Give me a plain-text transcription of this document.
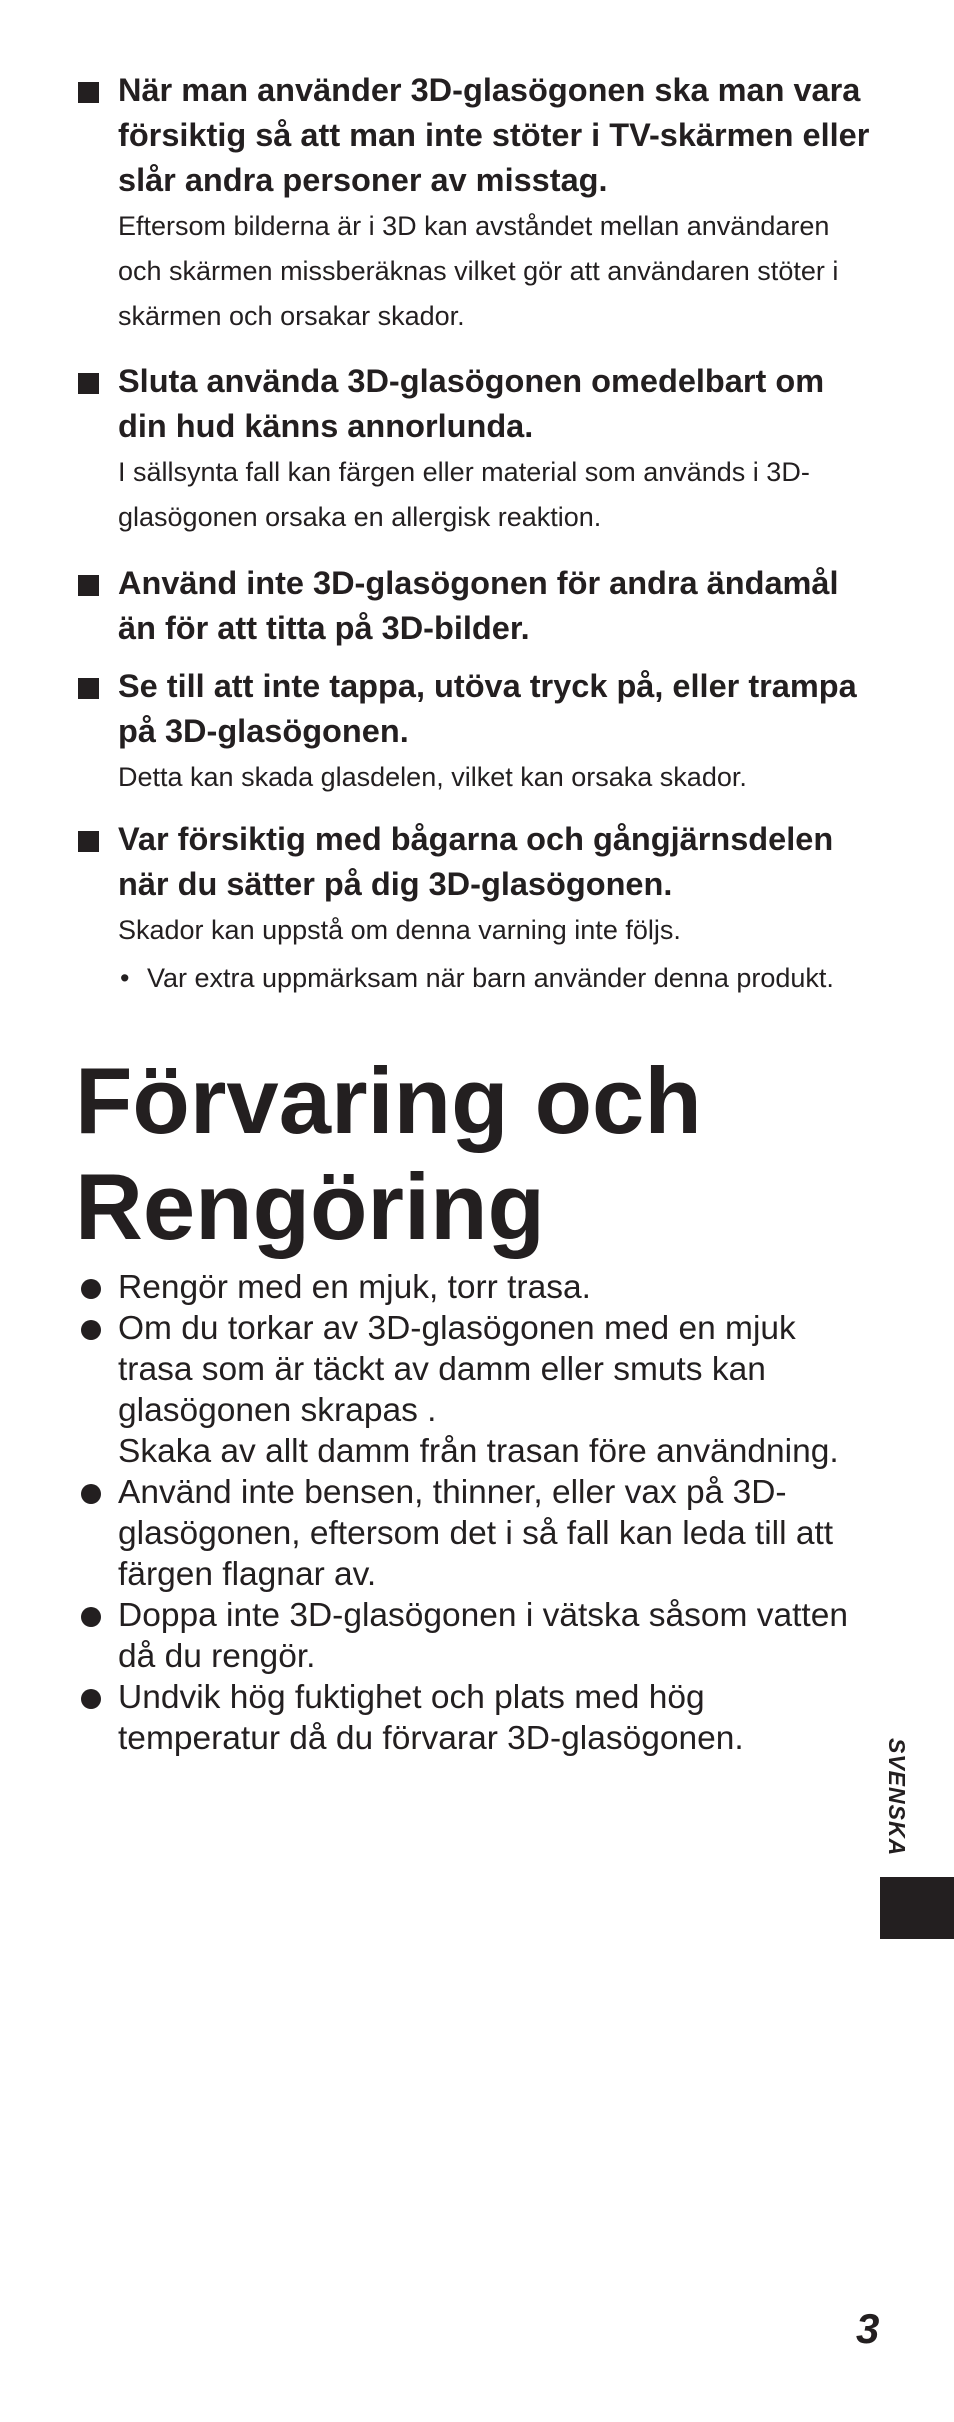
När man använder 3D-glasögonen ska man vara försiktig så att man inte stöter i TV-skärmen eller slår andra personer av misstag.
Eftersom bilderna är i 3D kan avståndet mellan användaren och skärmen missberäknas vilket gör att användaren stöter i skärmen och orsakar skador.
Sluta använda 3D-glasögonen omedelbart om din hud känns annorlunda.
I sällsynta fall kan färgen eller material som används i 3D-glasögonen orsaka en allergisk reaktion.
Använd inte 3D-glasögonen för andra ändamål än för att titta på 3D-bilder.
Se till att inte tappa, utöva tryck på, eller trampa på 3D-glasögonen.
Detta kan skada glasdelen, vilket kan orsaka skador.
Var försiktig med bågarna och gångjärnsdelen när du sätter på dig 3D-glasögonen.
Skador kan uppstå om denna varning inte följs.
• Var extra uppmärksam när barn använder denna produkt.
Förvaring och
Rengöring
Rengör med en mjuk, torr trasa.
Om du torkar av 3D-glasögonen med en mjuk trasa som är täckt av damm eller smuts kan glasögonen skrapas .
Skaka av allt damm från trasan före användning.
Använd inte bensen, thinner, eller vax på 3D-glasögonen, eftersom det i så fall kan leda till att färgen flagnar av.
Doppa inte 3D-glasögonen i vätska såsom vatten då du rengör.
Undvik hög fuktighet och plats med hög temperatur då du förvarar 3D-glasögonen.	SVENSKA
3
